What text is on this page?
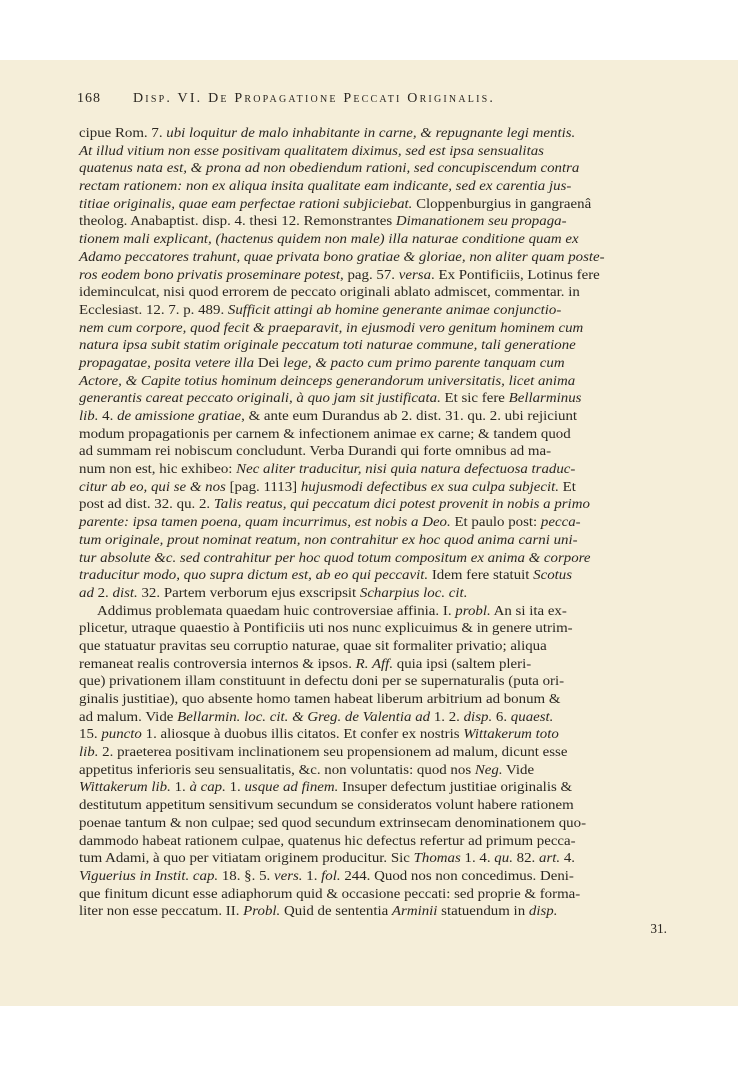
168 Disp. VI. De Propagatione Peccati Originalis.
cipue Rom. 7. ubi loquitur de malo inhabitante in carne, & repugnante legi mentis.
At illud vitium non esse positivam qualitatem diximus, sed est ipsa sensualitas
quatenus nata est, & prona ad non obediendum rationi, sed concupiscendum contra
rectam rationem: non ex aliqua insita qualitate eam indicante, sed ex carentia jus-
titiae originalis, quae eam perfectae rationi subjiciebat. Cloppenburgius in gangraenâ
theolog. Anabaptist. disp. 4. thesi 12. Remonstrantes Dimanationem seu propaga-
tionem mali explicant, (hactenus quidem non male) illa naturae conditione quam ex
Adamo peccatores trahunt, quae privata bono gratiae & gloriae, non aliter quam poste-
ros eodem bono privatis proseminare potest, pag. 57. versa. Ex Pontificiis, Lotinus fere
ideminculcat, nisi quod errorem de peccato originali ablato admiscet, commentar. in
Ecclesiast. 12. 7. p. 489. Sufficit attingi ab homine generante animae conjunctio-
nem cum corpore, quod fecit & praeparavit, in ejusmodi vero genitum hominem cum
natura ipsa subit statim originale peccatum toti naturae commune, tali generatione
propagatae, posita vetere illa Dei lege, & pacto cum primo parente tanquam cum
Actore, & Capite totius hominum deinceps generandorum universitatis, licet anima
generantis careat peccato originali, à quo jam sit justificata. Et sic fere Bellarminus
lib. 4. de amissione gratiae, & ante eum Durandus ab 2. dist. 31. qu. 2. ubi rejiciunt
modum propagationis per carnem & infectionem animae ex carne; & tandem quod
ad summam rei nobiscum concludunt. Verba Durandi qui forte omnibus ad ma-
num non est, hic exhibeo: Nec aliter traducitur, nisi quia natura defectuosa traduc-
citur ab eo, qui se & nos [pag. 1113] hujusmodi defectibus ex sua culpa subjecit. Et
post ad dist. 32. qu. 2. Talis reatus, qui peccatum dici potest provenit in nobis a primo
parente: ipsa tamen poena, quam incurrimus, est nobis a Deo. Et paulo post: pecca-
tum originale, prout nominat reatum, non contrahitur ex hoc quod anima carni uni-
tur absolute &c. sed contrahitur per hoc quod totum compositum ex anima & corpore
traducitur modo, quo supra dictum est, ab eo qui peccavit. Idem fere statuit Scotus
ad 2. dist. 32. Partem verborum ejus exscripsit Scharpius loc. cit.
Addimus problemata quaedam huic controversiae affinia. I. probl. An si ita ex-
plicetur, utraque quaestio à Pontificiis uti nos nunc explicuimus & in genere utrim-
que statuatur pravitas seu corruptio naturae, quae sit formaliter privatio; aliqua
remaneat realis controversia internos & ipsos. R. Aff. quia ipsi (saltem pleri-
que) privationem illam constituunt in defectu doni per se supernaturalis (puta ori-
ginalis justitiae), quo absente homo tamen habeat liberum arbitrium ad bonum &
ad malum. Vide Bellarmin. loc. cit. & Greg. de Valentia ad 1. 2. disp. 6. quaest.
15. puncto 1. aliosque à duobus illis citatos. Et confer ex nostris Wittakerum toto
lib. 2. praeterea positivam inclinationem seu propensionem ad malum, dicunt esse
appetitus inferioris seu sensualitatis, &c. non voluntatis: quod nos Neg. Vide
Wittakerum lib. 1. à cap. 1. usque ad finem. Insuper defectum justitiae originalis &
destitutum appetitum sensitivum secundum se consideratos volunt habere rationem
poenae tantum & non culpae; sed quod secundum extrinsecam denominationem quo-
dammodo habeat rationem culpae, quatenus hic defectus refertur ad primum pecca-
tum Adami, à quo per vitiatam originem producitur. Sic Thomas 1. 4. qu. 82. art. 4.
Viguerius in Instit. cap. 18. §. 5. vers. 1. fol. 244. Quod nos non concedimus. Deni-
que finitum dicunt esse adiaphorum quid & occasione peccati: sed proprie & forma-
liter non esse peccatum. II. Probl. Quid de sententia Arminii statuendum in disp.
31.
